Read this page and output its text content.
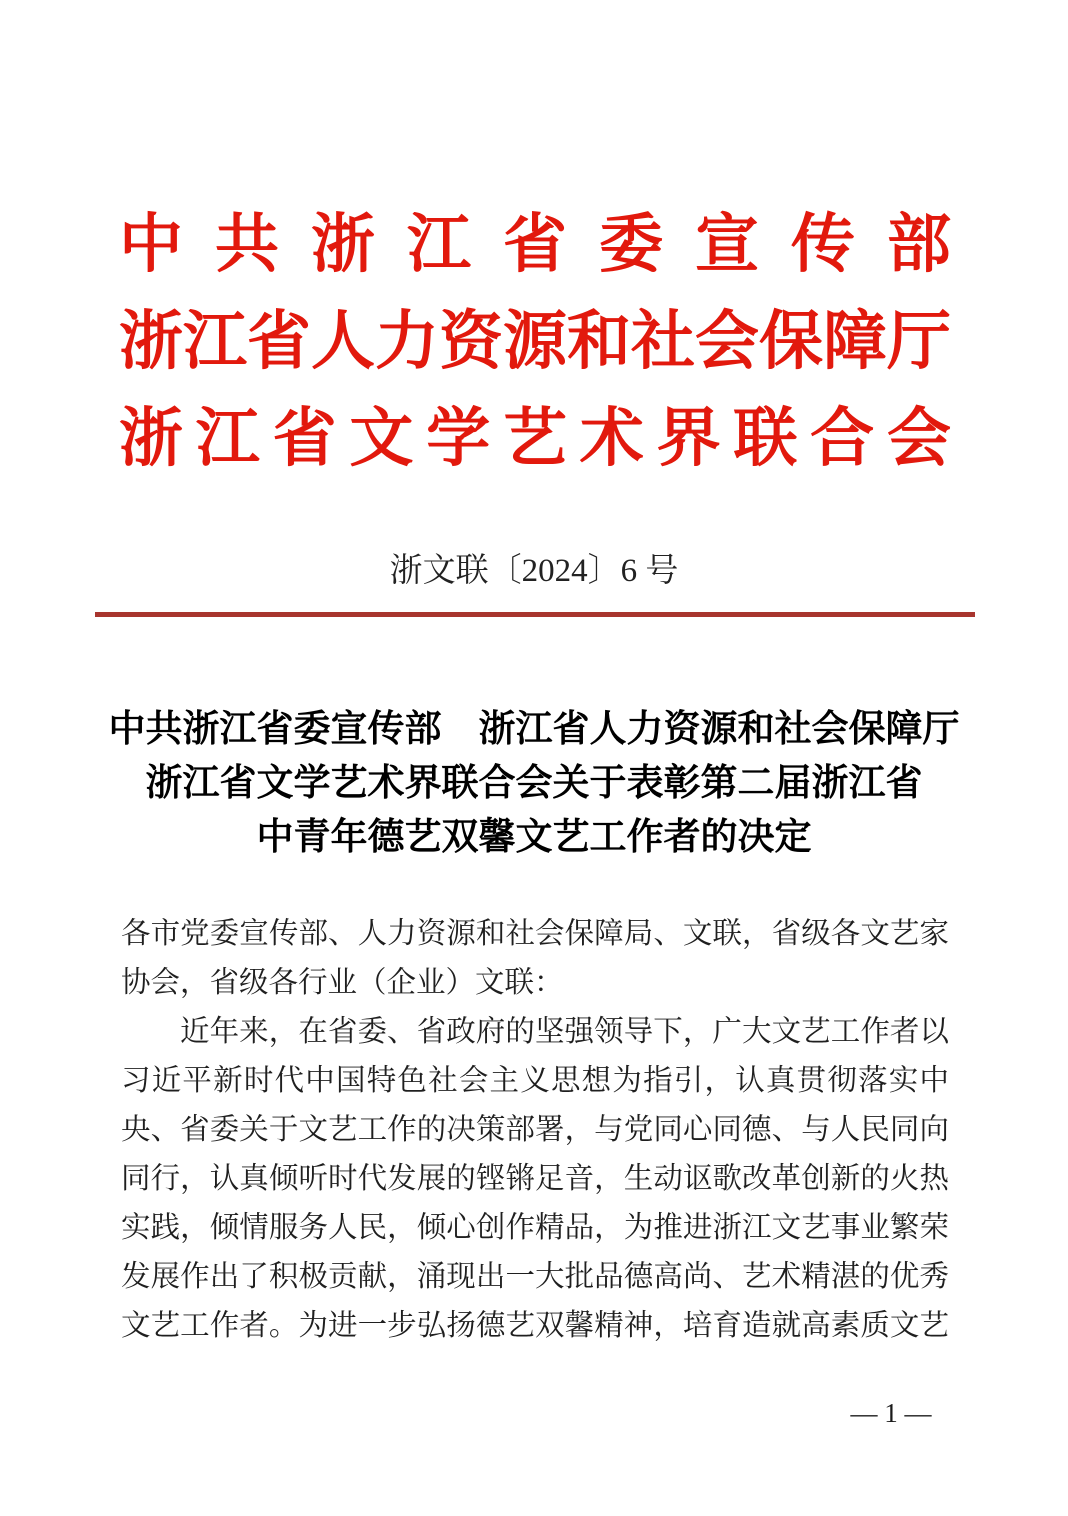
中 共 浙 江 省 委 宣 传 部
浙 江 省 人 力 资 源 和 社 会 保 障 厅
浙 江 省 文 学 艺 术 界 联 合 会
浙文联〔2024〕6 号
中共浙江省委宣传部　浙江省人力资源和社会保障厅
浙江省文学艺术界联合会关于表彰第二届浙江省
中青年德艺双馨文艺工作者的决定
各市党委宣传部、人力资源和社会保障局、文联，省级各文艺家
协会，省级各行业（企业）文联：
近年来，在省委、省政府的坚强领导下，广大文艺工作者以
习近平新时代中国特色社会主义思想为指引，认真贯彻落实中
央、省委关于文艺工作的决策部署，与党同心同德、与人民同向
同行，认真倾听时代发展的铿锵足音，生动讴歌改革创新的火热
实践，倾情服务人民，倾心创作精品，为推进浙江文艺事业繁荣
发展作出了积极贡献，涌现出一大批品德高尚、艺术精湛的优秀
文艺工作者。为进一步弘扬德艺双馨精神，培育造就高素质文艺
— 1 —
